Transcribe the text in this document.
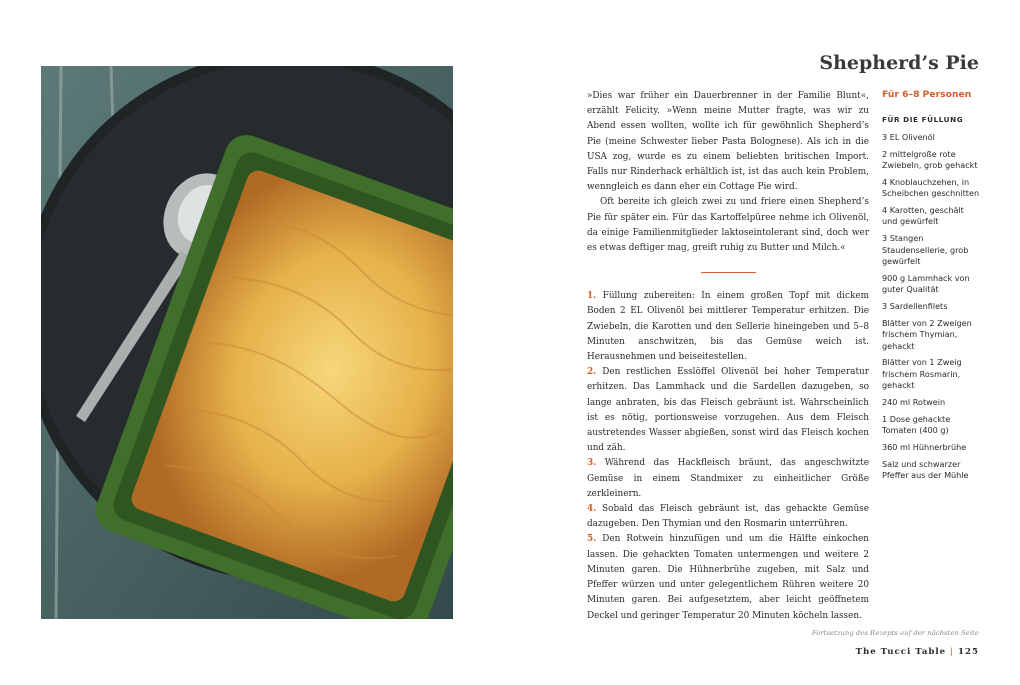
Shepherd’s Pie

»Dies war früher ein Dauerbrenner in der Familie Blunt«, erzählt Felicity. »Wenn meine Mutter fragte, was wir zu Abend essen wollten, wollte ich für gewöhnlich Shepherd’s Pie (meine Schwester lieber Pasta Bolognese). Als ich in die USA zog, wurde es zu einem beliebten britischen Import. Falls nur Rinderhack erhältlich ist, ist das auch kein Problem, wenngleich es dann eher ein Cottage Pie wird.

Oft bereite ich gleich zwei zu und friere einen Shepherd’s Pie für später ein. Für das Kartoffelpüree nehme ich Olivenöl, da einige Familienmitglieder laktoseintolerant sind, doch wer es etwas deftiger mag, greift ruhig zu Butter und Milch.«

1. Füllung zubereiten: In einem großen Topf mit dickem Boden 2 EL Olivenöl bei mittlerer Temperatur erhitzen. Die Zwiebeln, die Karotten und den Sellerie hineingeben und 5–8 Minuten anschwitzen, bis das Gemüse weich ist. Herausnehmen und beiseitestellen.

2. Den restlichen Esslöffel Olivenöl bei hoher Temperatur erhitzen. Das Lammhack und die Sardellen dazugeben, so lange anbraten, bis das Fleisch gebräunt ist. Wahrscheinlich ist es nötig, portionsweise vorzugehen. Aus dem Fleisch austretendes Wasser abgießen, sonst wird das Fleisch kochen und zäh.

3. Während das Hackfleisch bräunt, das angeschwitzte Gemüse in einem Standmixer zu einheitlicher Größe zerkleinern.

4. Sobald das Fleisch gebräunt ist, das gehackte Gemüse dazugeben. Den Thymian und den Rosmarin unterrühren.

5. Den Rotwein hinzufügen und um die Hälfte einkochen lassen. Die gehackten Tomaten untermengen und weitere 2 Minuten garen. Die Hühnerbrühe zugeben, mit Salz und Pfeffer würzen und unter gelegentlichem Rühren weitere 20 Minuten garen. Bei aufgesetztem, aber leicht geöffnetem Deckel und geringer Temperatur 20 Minuten köcheln lassen.

Für 6–8 Personen
FÜR DIE FÜLLUNG
3 EL Olivenöl
2 mittelgroße rote Zwiebeln, grob gehackt
4 Knoblauchzehen, in Scheibchen geschnitten
4 Karotten, geschält und gewürfelt
3 Stangen Staudensellerie, grob gewürfelt
900 g Lammhack von guter Qualität
3 Sardellenfilets
Blätter von 2 Zweigen frischem Thymian, gehackt
Blätter von 1 Zweig frischem Rosmarin, gehackt
240 ml Rotwein
1 Dose gehackte Tomaten (400 g)
360 ml Hühnerbrühe
Salz und schwarzer Pfeffer aus der Mühle
Fortsetzung des Rezepts auf der nächsten Seite
The Tucci Table | 125
